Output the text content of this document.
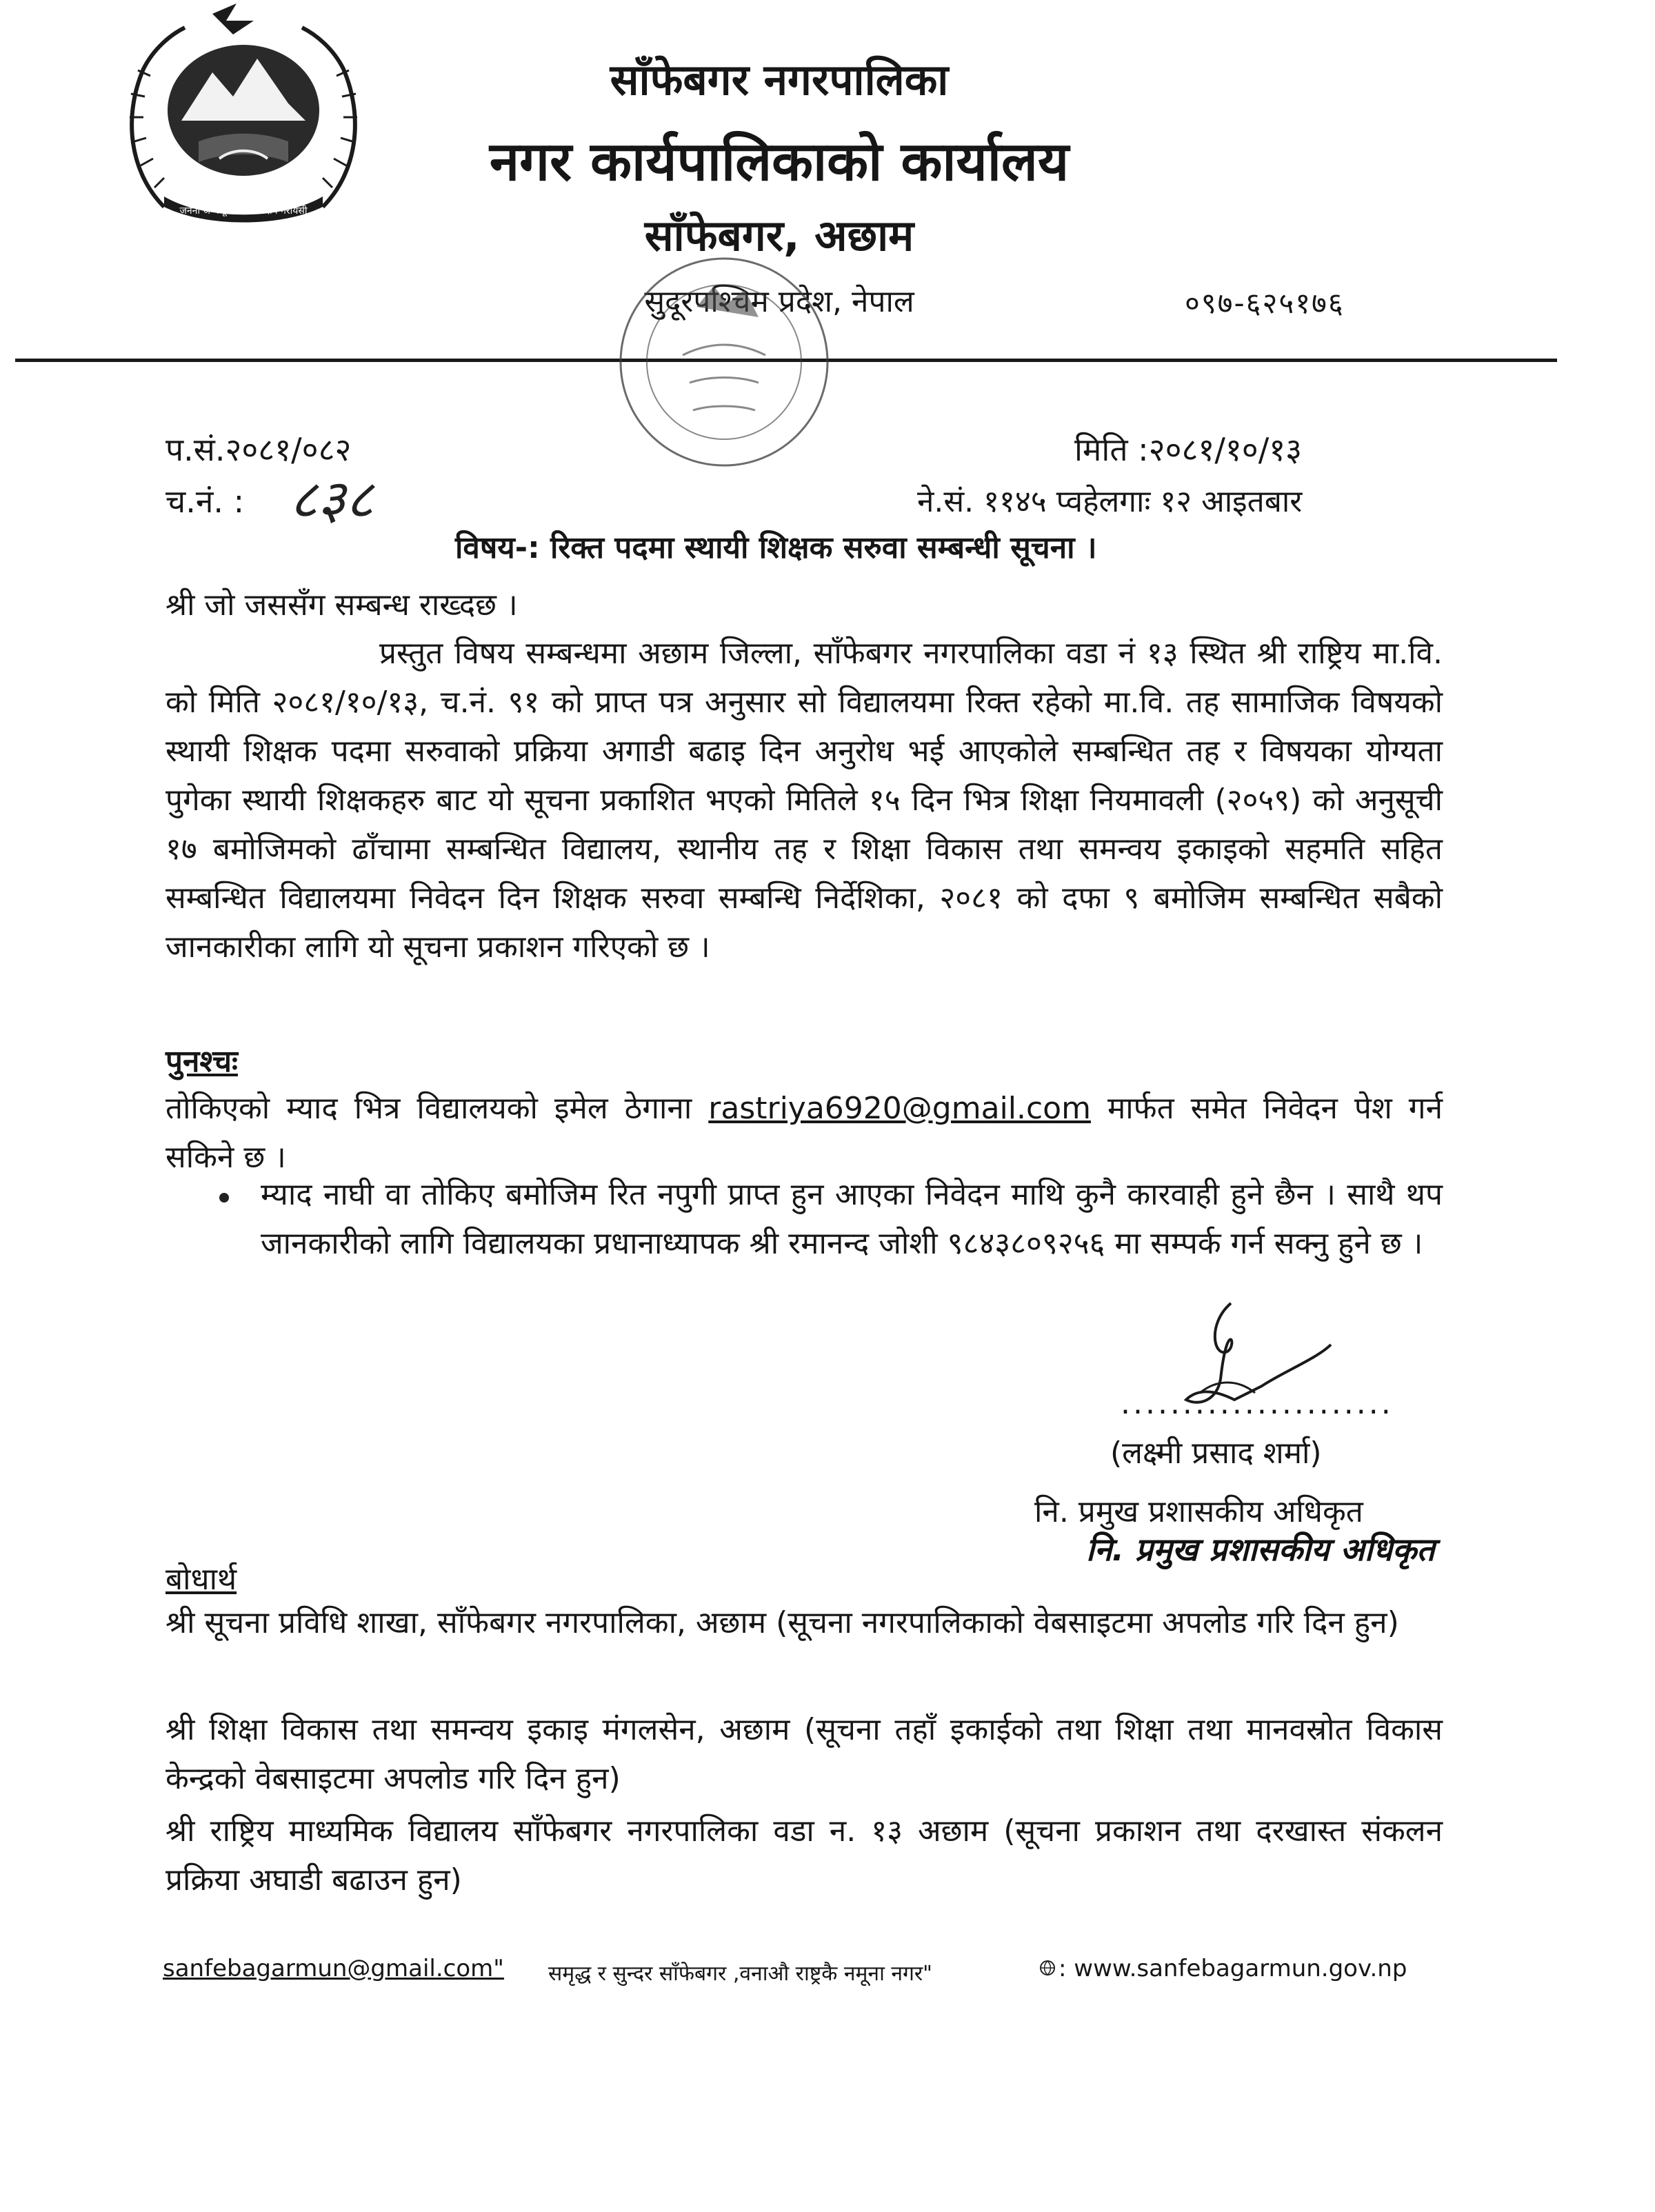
जननी जन्मभूमिश्च स्वर्गादपि गरीयसी
साँफेबगर नगरपालिका
नगर कार्यपालिकाको कार्यालय
साँफेबगर, अछाम
सुदूरपश्चिम प्रदेश, नेपाल	०९७-६२५१७६
प.सं.२०८१/०८२
च.नं. : ८३८
मिति :२०८१/१०/१३
ने.सं. ११४५ प्वहेलगाः १२ आइतबार
विषय-: रिक्त पदमा स्थायी शिक्षक सरुवा सम्बन्धी सूचना ।
श्री जो जससँग सम्बन्ध राख्दछ ।

प्रस्तुत विषय सम्बन्धमा अछाम जिल्ला, साँफेबगर नगरपालिका वडा नं १३ स्थित श्री राष्ट्रिय मा.वि. को मिति २०८१/१०/१३, च.नं. ९१ को प्राप्त पत्र अनुसार सो विद्यालयमा रिक्त रहेको मा.वि. तह सामाजिक विषयको स्थायी शिक्षक पदमा सरुवाको प्रक्रिया अगाडी बढाइ दिन अनुरोध भई आएकोले सम्बन्धित तह र विषयका योग्यता पुगेका स्थायी शिक्षकहरु बाट यो सूचना प्रकाशित भएको मितिले १५ दिन भित्र शिक्षा नियमावली (२०५९) को अनुसूची १७ बमोजिमको ढाँचामा सम्बन्धित विद्यालय, स्थानीय तह र शिक्षा विकास तथा समन्वय इकाइको सहमति सहित सम्बन्धित विद्यालयमा निवेदन दिन शिक्षक सरुवा सम्बन्धि निर्देशिका, २०८१ को दफा ९ बमोजिम सम्बन्धित सबैको जानकारीका लागि यो सूचना प्रकाशन गरिएको छ ।

पुनश्चः

तोकिएको म्याद भित्र विद्यालयको इमेल ठेगाना rastriya6920@gmail.com मार्फत समेत निवेदन पेश गर्न सकिने छ ।

म्याद नाघी वा तोकिए बमोजिम रित नपुगी प्राप्त हुन आएका निवेदन माथि कुनै कारवाही हुने छैन । साथै थप जानकारीको लागि विद्यालयका प्रधानाध्यापक श्री रमानन्द जोशी ९८४३८०९२५६ मा सम्पर्क गर्न सक्नु हुने छ ।

......................
(लक्ष्मी प्रसाद शर्मा)
नि. प्रमुख प्रशासकीय अधिकृत
नि. प्रमुख प्रशासकीय अधिकृत
बोधार्थ

श्री सूचना प्रविधि शाखा, साँफेबगर नगरपालिका, अछाम (सूचना नगरपालिकाको वेबसाइटमा अपलोड गरि दिन हुन)

श्री शिक्षा विकास तथा समन्वय इकाइ मंगलसेन, अछाम (सूचना तहाँ इकाईको तथा शिक्षा तथा मानवस्रोत विकास केन्द्रको वेबसाइटमा अपलोड गरि दिन हुन)

श्री राष्ट्रिय माध्यमिक विद्यालय साँफेबगर नगरपालिका वडा न. १३ अछाम (सूचना प्रकाशन तथा दरखास्त संकलन प्रक्रिया अघाडी बढाउन हुन)

sanfebagarmun@gmail.com" समृद्ध र सुन्दर साँफेबगर ,वनाऔ राष्ट्रकै नमूना नगर"	: www.sanfebagarmun.gov.np
